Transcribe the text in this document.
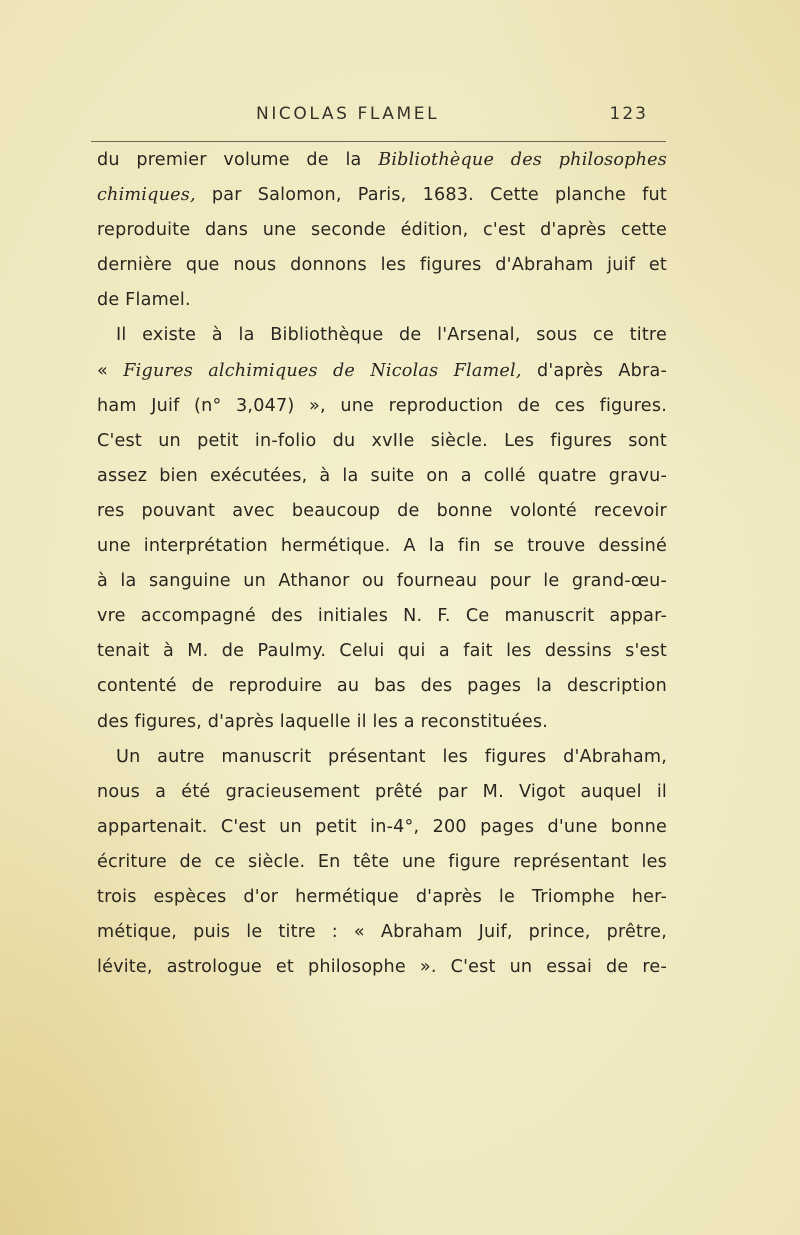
NICOLAS FLAMEL	123
du premier volume de la Bibliothèque des philosophes
chimiques, par Salomon, Paris, 1683. Cette planche fut
reproduite dans une seconde édition, c'est d'après cette
dernière que nous donnons les figures d'Abraham juif et
de Flamel.
Il existe à la Bibliothèque de l'Arsenal, sous ce titre
« Figures alchimiques de Nicolas Flamel, d'après Abra-
ham Juif (n° 3,047) », une reproduction de ces figures.
C'est un petit in-folio du xvIIe siècle. Les figures sont
assez bien exécutées, à la suite on a collé quatre gravu-
res pouvant avec beaucoup de bonne volonté recevoir
une interprétation hermétique. A la fin se trouve dessiné
à la sanguine un Athanor ou fourneau pour le grand-œu-
vre accompagné des initiales N. F. Ce manuscrit appar-
tenait à M. de Paulmy. Celui qui a fait les dessins s'est
contenté de reproduire au bas des pages la description
des figures, d'après laquelle il les a reconstituées.
Un autre manuscrit présentant les figures d'Abraham,
nous a été gracieusement prêté par M. Vigot auquel il
appartenait. C'est un petit in-4°, 200 pages d'une bonne
écriture de ce siècle. En tête une figure représentant les
trois espèces d'or hermétique d'après le Triomphe her-
métique, puis le titre : « Abraham Juif, prince, prêtre,
lévite, astrologue et philosophe ». C'est un essai de re-
